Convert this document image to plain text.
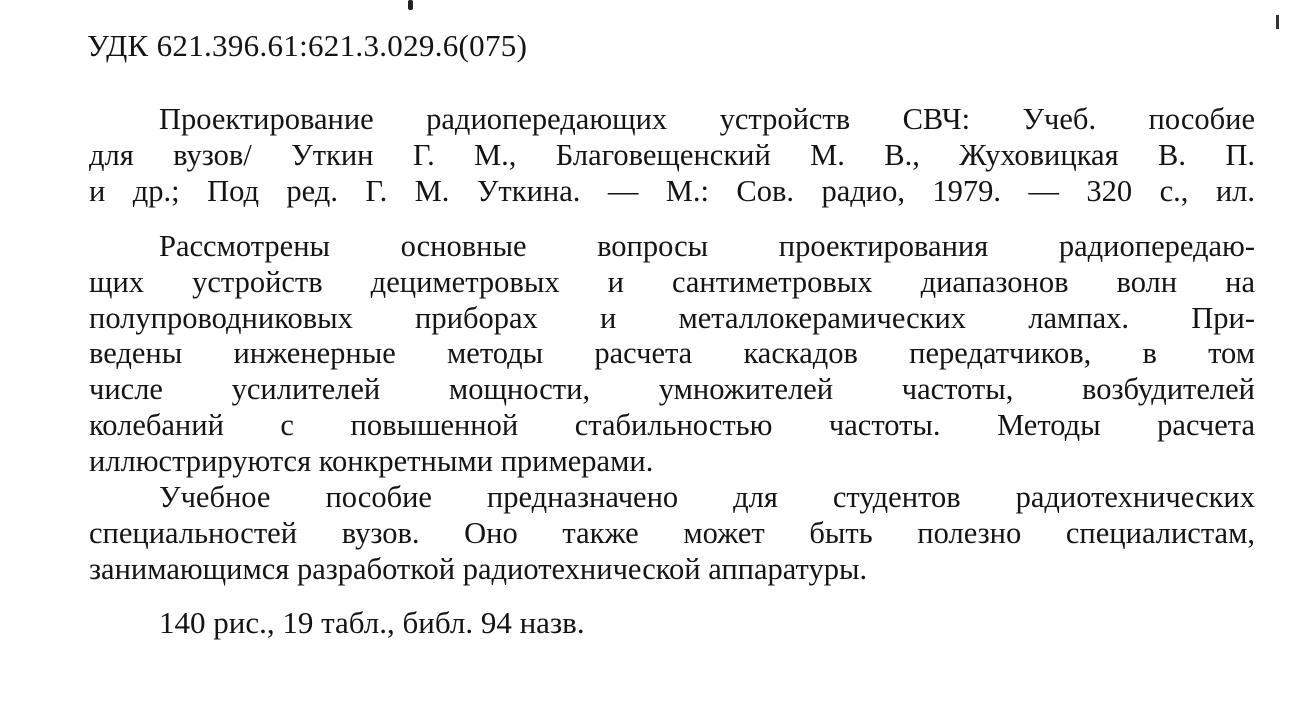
УДК 621.396.61:621.3.029.6(075)
Проектирование радиопередающих устройств СВЧ: Учеб. пособие
для вузов/ Уткин Г. М., Благовещенский М. В., Жуховицкая В. П.
и др.; Под ред. Г. М. Уткина. — М.: Сов. радио, 1979. — 320 с., ил.
Рассмотрены основные вопросы проектирования радиопередаю-
щих устройств дециметровых и сантиметровых диапазонов волн на
полупроводниковых приборах и металлокерамических лампах. При-
ведены инженерные методы расчета каскадов передатчиков, в том
числе усилителей мощности, умножителей частоты, возбудителей
колебаний с повышенной стабильностью частоты. Методы расчета
иллюстрируются конкретными примерами.
Учебное пособие предназначено для студентов радиотехнических
специальностей вузов. Оно также может быть полезно специалистам,
занимающимся разработкой радиотехнической аппаратуры.
140 рис., 19 табл., библ. 94 назв.
